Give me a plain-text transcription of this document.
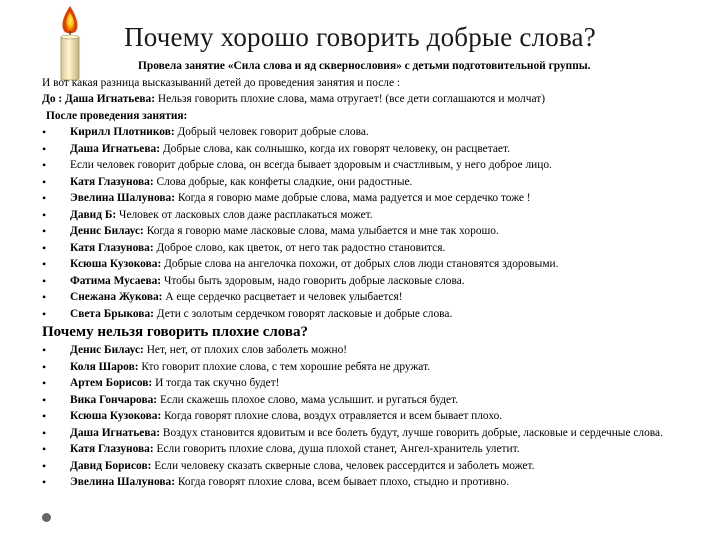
Почему хорошо говорить добрые слова?
Провела занятие «Сила слова и яд сквернословия» с детьми подготовительной группы.
И вот какая разница высказываний детей до проведения занятия и после :
До : Даша Игнатьева: Нельзя говорить плохие слова, мама отругает! (все дети соглашаются и молчат)
После проведения занятия:
• Кирилл Плотников: Добрый человек говорит добрые слова.
• Даша Игнатьева: Добрые слова, как солнышко, когда их говорят человеку, он расцветает.
• Если человек говорит добрые слова, он всегда бывает здоровым и счастливым, у него доброе лицо.
• Катя Глазунова: Слова добрые, как конфеты сладкие, они радостные.
• Эвелина Шалунова: Когда я говорю маме добрые слова, мама радуется и мое сердечко тоже !
• Давид Б: Человек от ласковых слов даже расплакаться может.
• Денис Билаус: Когда я говорю маме ласковые слова, мама улыбается и мне так хорошо.
• Катя Глазунова: Доброе слово, как цветок, от него так радостно становится.
• Ксюша Кузокова: Добрые слова на ангелочка похожи, от добрых слов люди становятся здоровыми.
• Фатима Мусаева: Чтобы быть здоровым, надо говорить добрые ласковые слова.
• Снежана Жукова: А еще сердечко расцветает и человек улыбается!
• Света Брыкова: Дети с золотым сердечком говорят ласковые и добрые слова.
Почему нельзя говорить плохие слова?
• Денис Билаус: Нет, нет, от плохих слов заболеть можно!
• Коля Шаров: Кто говорит плохие слова, с тем хорошие ребята не дружат.
• Артем Борисов: И тогда так скучно будет!
• Вика Гончарова: Если скажешь плохое слово, мама услышит. и ругаться будет.
• Ксюша Кузокова: Когда говорят плохие слова, воздух отравляется и всем бывает плохо.
• Даша Игнатьева: Воздух становится ядовитым и все болеть будут, лучше говорить добрые, ласковые и сердечные слова.
• Катя Глазунова: Если говорить плохие слова, душа плохой станет, Ангел-хранитель улетит.
• Давид Борисов: Если человеку сказать скверные слова, человек рассердится и заболеть может.
• Эвелина Шалунова: Когда говорят плохие слова, всем бывает плохо, стыдно и противно.
